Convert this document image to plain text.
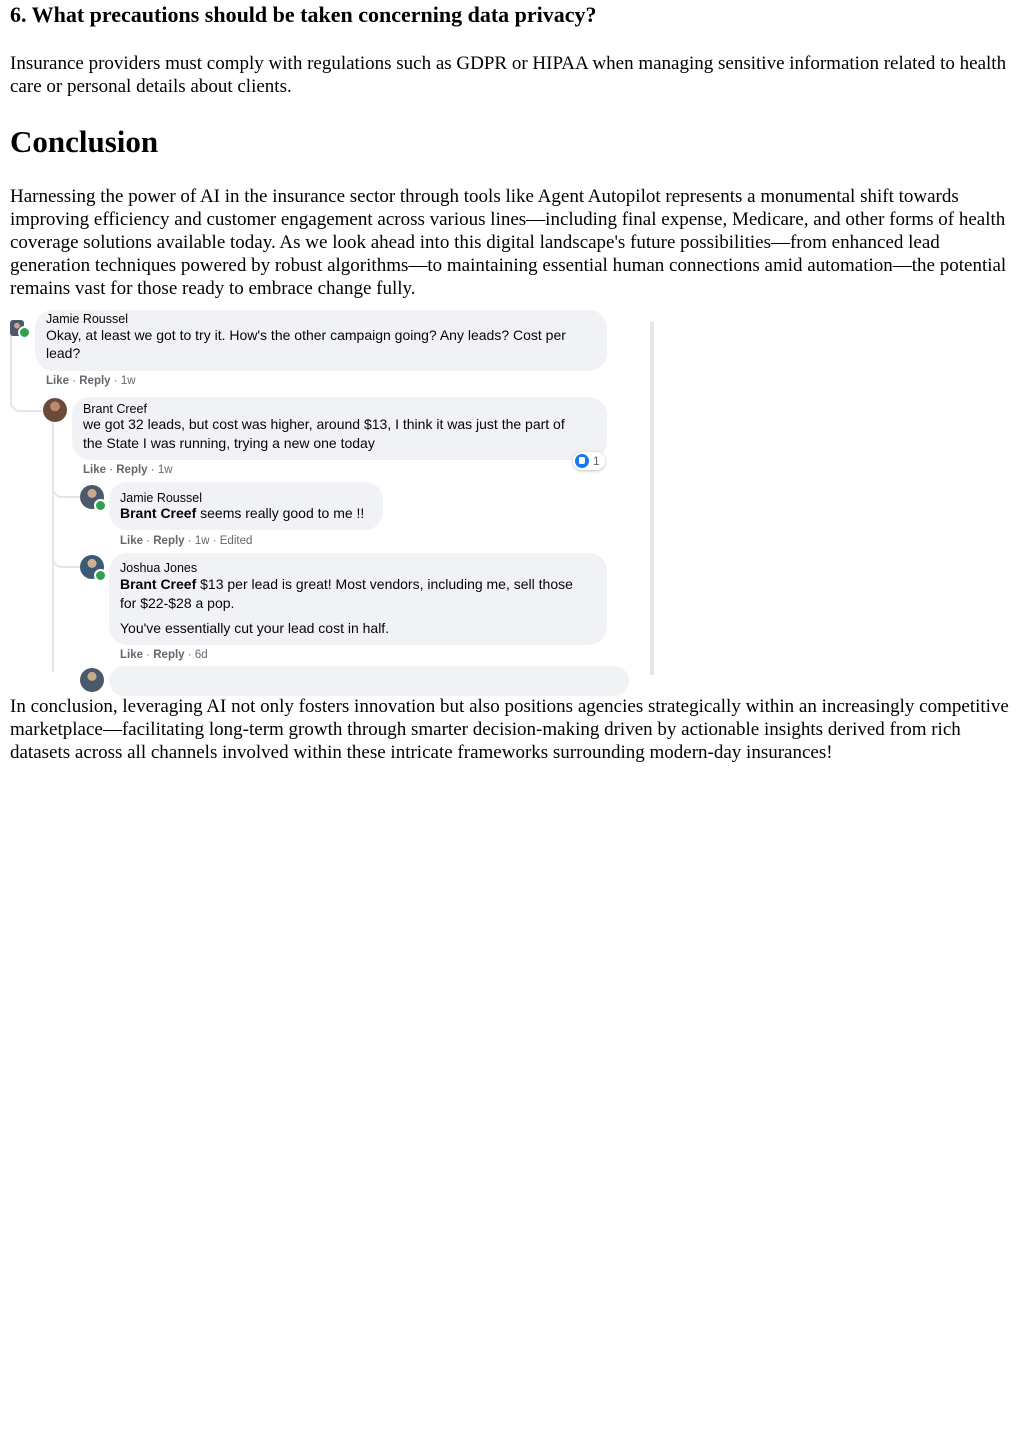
6. What precautions should be taken concerning data privacy?

Insurance providers must comply with regulations such as GDPR or HIPAA when managing sensitive information related to health care or personal details about clients.

Conclusion

Harnessing the power of AI in the insurance sector through tools like Agent Autopilot represents a monumental shift towards improving efficiency and customer engagement across various lines—including final expense, Medicare, and other forms of health coverage solutions available today. As we look ahead into this digital landscape's future possibilities—from enhanced lead generation techniques powered by robust algorithms—to maintaining essential human connections amid automation—the potential remains vast for those ready to embrace change fully.

Jamie Roussel
Okay, at least we got to try it. How's the other campaign going? Any leads? Cost per
lead?
Like · Reply · 1w
Brant Creef
we got 32 leads, but cost was higher, around $13, I think it was just the part of
the State I was running, trying a new one today
1
Like · Reply · 1w
Jamie Roussel
Brant Creef seems really good to me !!
Like · Reply · 1w · Edited
Joshua Jones
Brant Creef $13 per lead is great! Most vendors, including me, sell those
for $22-$28 a pop.
You've essentially cut your lead cost in half.
Like · Reply · 6d

In conclusion, leveraging AI not only fosters innovation but also positions agencies strategically within an increasingly competitive marketplace—facilitating long-term growth through smarter decision-making driven by actionable insights derived from rich datasets across all channels involved within these intricate frameworks surrounding modern-day insurances!
